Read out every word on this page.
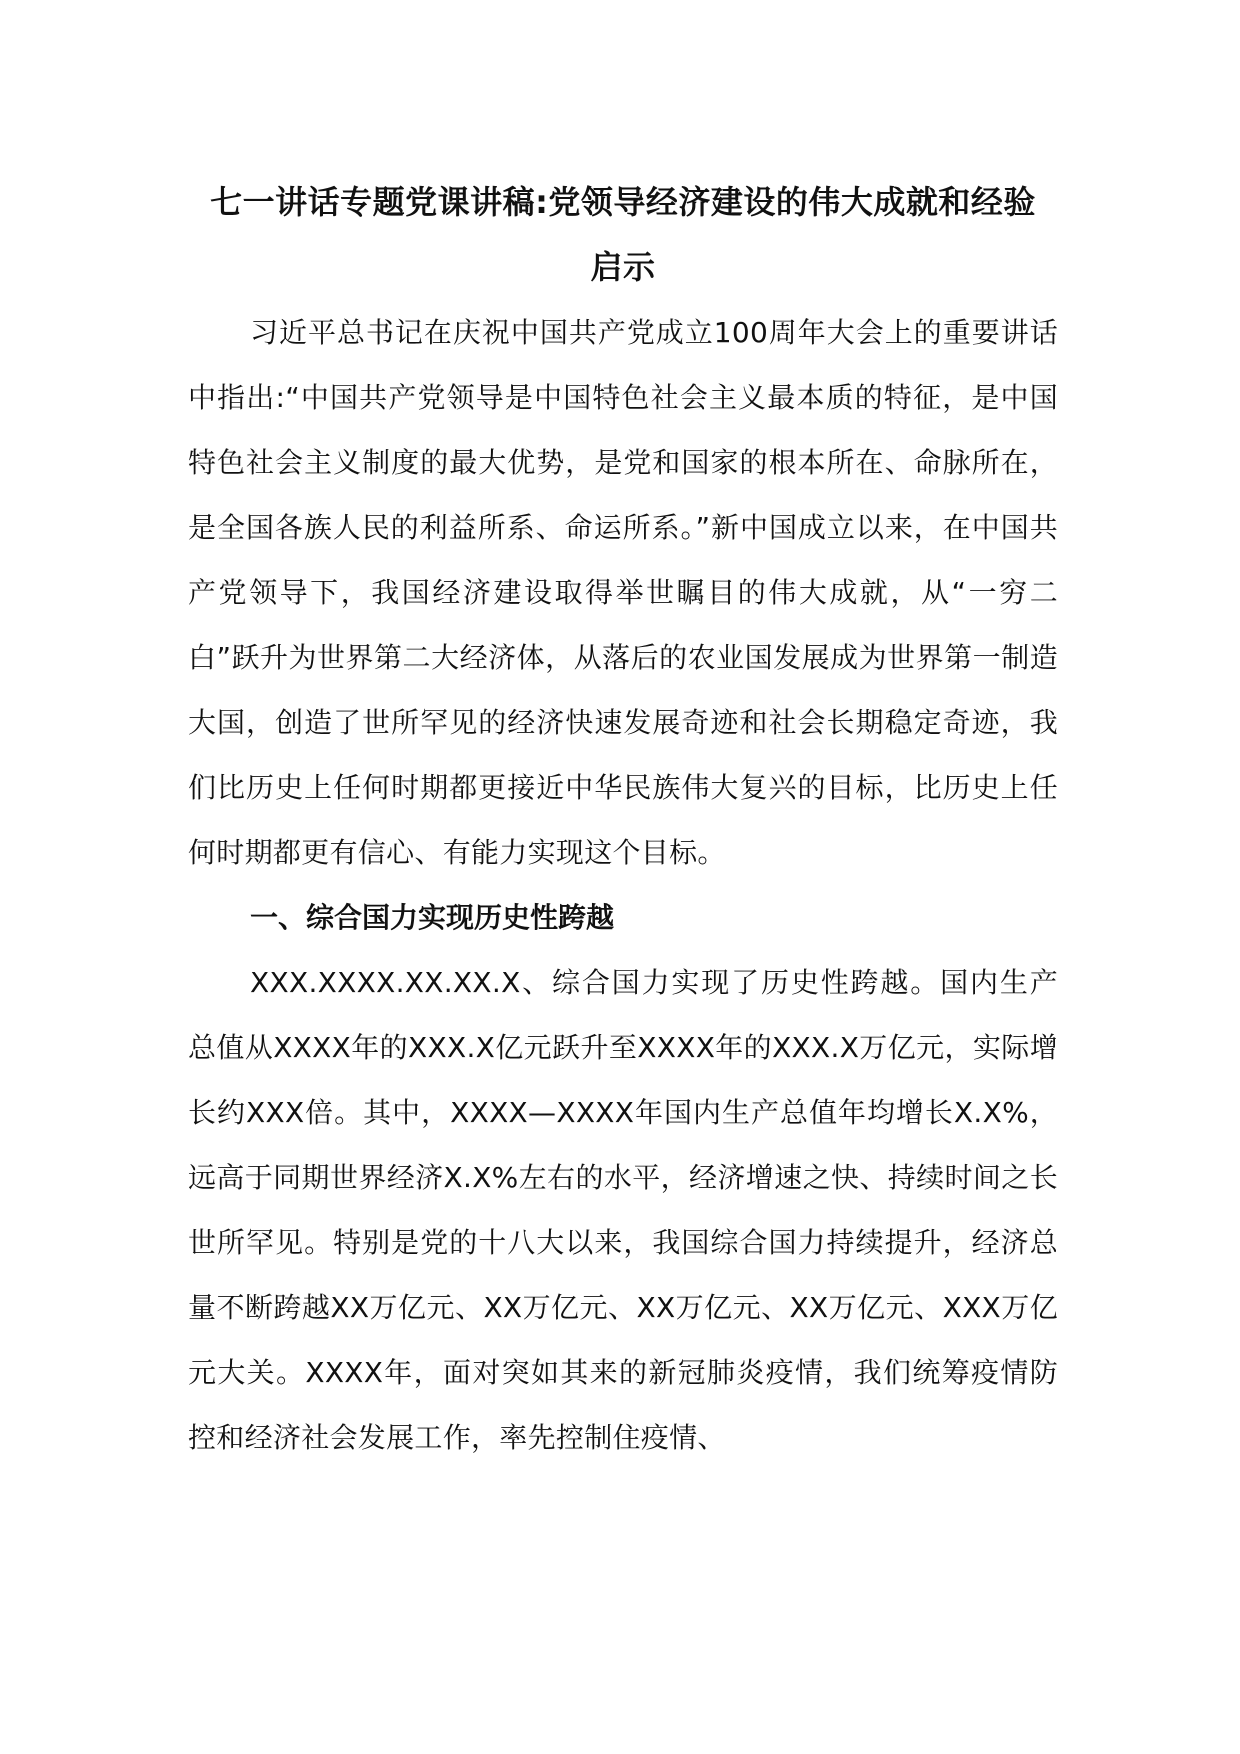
七一讲话专题党课讲稿:党领导经济建设的伟大成就和经验
启示

习近平总书记在庆祝中国共产党成立100周年大会上的重要讲话中指出:“中国共产党领导是中国特色社会主义最本质的特征，是中国特色社会主义制度的最大优势，是党和国家的根本所在、命脉所在，是全国各族人民的利益所系、命运所系。”新中国成立以来，在中国共产党领导下，我国经济建设取得举世瞩目的伟大成就，从“一穷二白”跃升为世界第二大经济体，从落后的农业国发展成为世界第一制造大国，创造了世所罕见的经济快速发展奇迹和社会长期稳定奇迹，我们比历史上任何时期都更接近中华民族伟大复兴的目标，比历史上任何时期都更有信心、有能力实现这个目标。

一、综合国力实现历史性跨越

XXX.XXXX.XX.XX.X、综合国力实现了历史性跨越。国内生产总值从XXXX年的XXX.X亿元跃升至XXXX年的XXX.X万亿元，实际增长约XXX倍。其中，XXXX—XXXX年国内生产总值年均增长X.X%，远高于同期世界经济X.X%左右的水平，经济增速之快、持续时间之长世所罕见。特别是党的十八大以来，我国综合国力持续提升，经济总量不断跨越XX万亿元、XX万亿元、XX万亿元、XX万亿元、XXX万亿元大关。XXXX年，面对突如其来的新冠肺炎疫情，我们统筹疫情防控和经济社会发展工作，率先控制住疫情、
